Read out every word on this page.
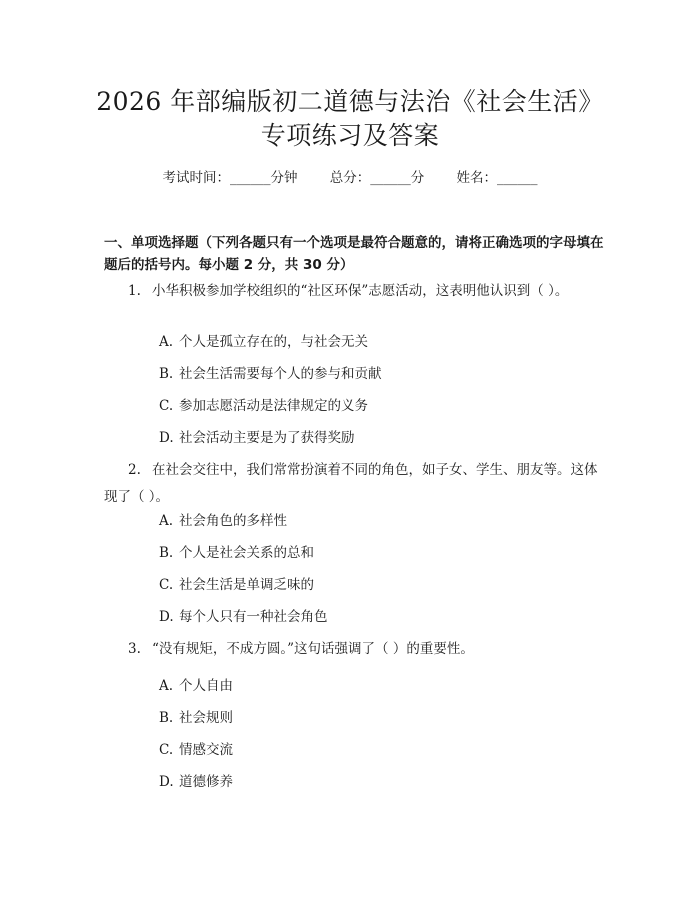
2026 年部编版初二道德与法治《社会生活》
专项练习及答案
考试时间：______分钟 总分：______分 姓名：______
一、单项选择题（下列各题只有一个选项是最符合题意的，请将正确选项的字母填在题后的括号内。每小题 2 分，共 30 分）
1. 小华积极参加学校组织的“社区环保”志愿活动，这表明他认识到（ ）。
A. 个人是孤立存在的，与社会无关
B. 社会生活需要每个人的参与和贡献
C. 参加志愿活动是法律规定的义务
D. 社会活动主要是为了获得奖励
2. 在社会交往中，我们常常扮演着不同的角色，如子女、学生、朋友等。这体现了（ ）。
A. 社会角色的多样性
B. 个人是社会关系的总和
C. 社会生活是单调乏味的
D. 每个人只有一种社会角色
3. “没有规矩，不成方圆。”这句话强调了（ ）的重要性。
A. 个人自由
B. 社会规则
C. 情感交流
D. 道德修养
